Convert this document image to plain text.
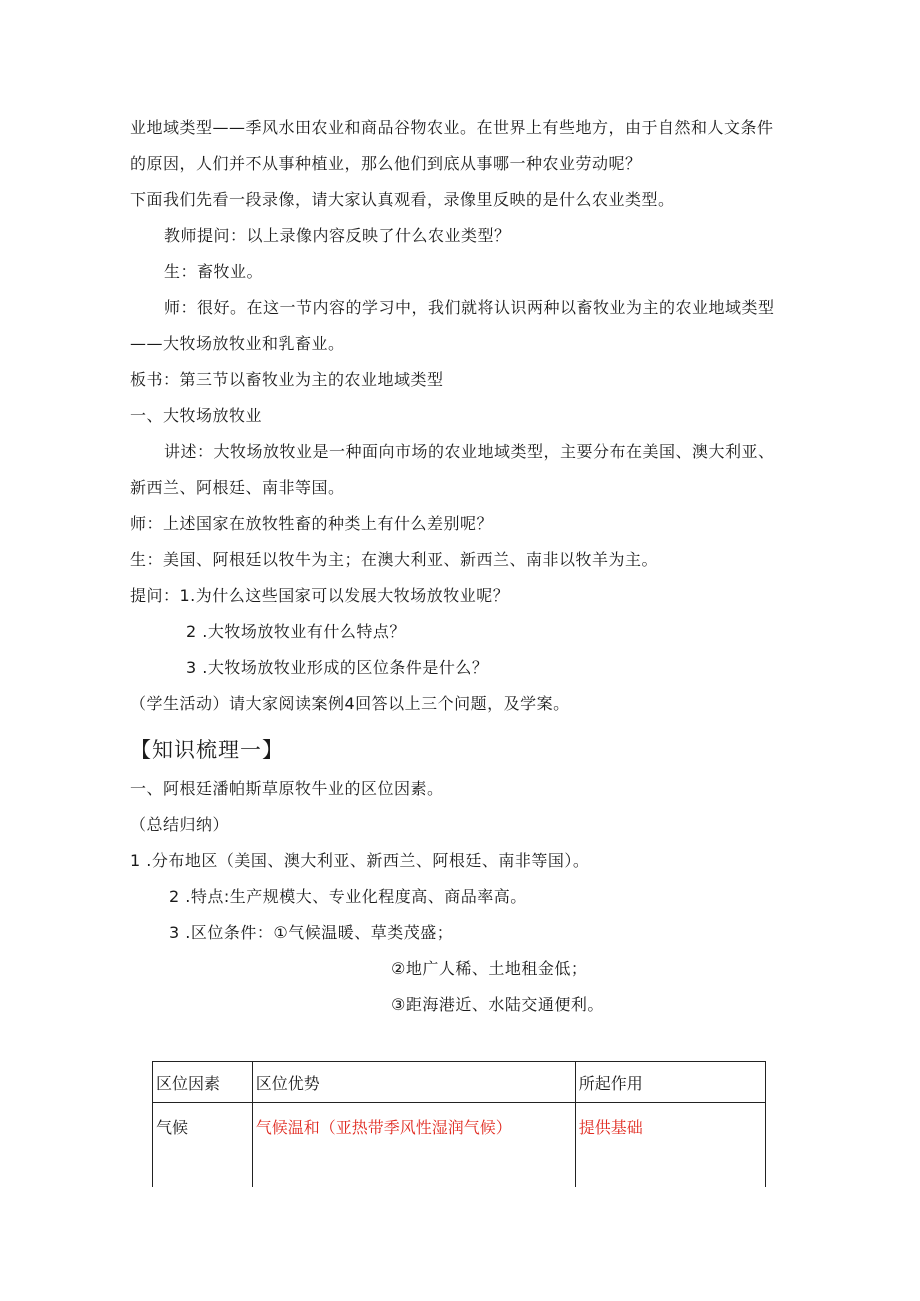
业地域类型——季风水田农业和商品谷物农业。在世界上有些地方，由于自然和人文条件
的原因，人们并不从事种植业，那么他们到底从事哪一种农业劳动呢？
下面我们先看一段录像，请大家认真观看，录像里反映的是什么农业类型。
教师提问：以上录像内容反映了什么农业类型？
生：畜牧业。
师：很好。在这一节内容的学习中，我们就将认识两种以畜牧业为主的农业地域类型
——大牧场放牧业和乳畜业。
板书：第三节以畜牧业为主的农业地域类型
一、大牧场放牧业
讲述：大牧场放牧业是一种面向市场的农业地域类型，主要分布在美国、澳大利亚、
新西兰、阿根廷、南非等国。
师：上述国家在放牧牲畜的种类上有什么差别呢？
生：美国、阿根廷以牧牛为主；在澳大利亚、新西兰、南非以牧羊为主。
提问：1.为什么这些国家可以发展大牧场放牧业呢？
2 .大牧场放牧业有什么特点？
3 .大牧场放牧业形成的区位条件是什么？
（学生活动）请大家阅读案例4回答以上三个问题，及学案。
【知识梳理一】
一、阿根廷潘帕斯草原牧牛业的区位因素。
（总结归纳）
1 .分布地区（美国、澳大利亚、新西兰、阿根廷、南非等国）。
2 .特点:生产规模大、专业化程度高、商品率高。
3 .区位条件：①气候温暖、草类茂盛；
②地广人稀、土地租金低；
③距海港近、水陆交通便利。
区位因素	区位优势	所起作用
气候	气候温和（亚热带季风性湿润气候）	提供基础
